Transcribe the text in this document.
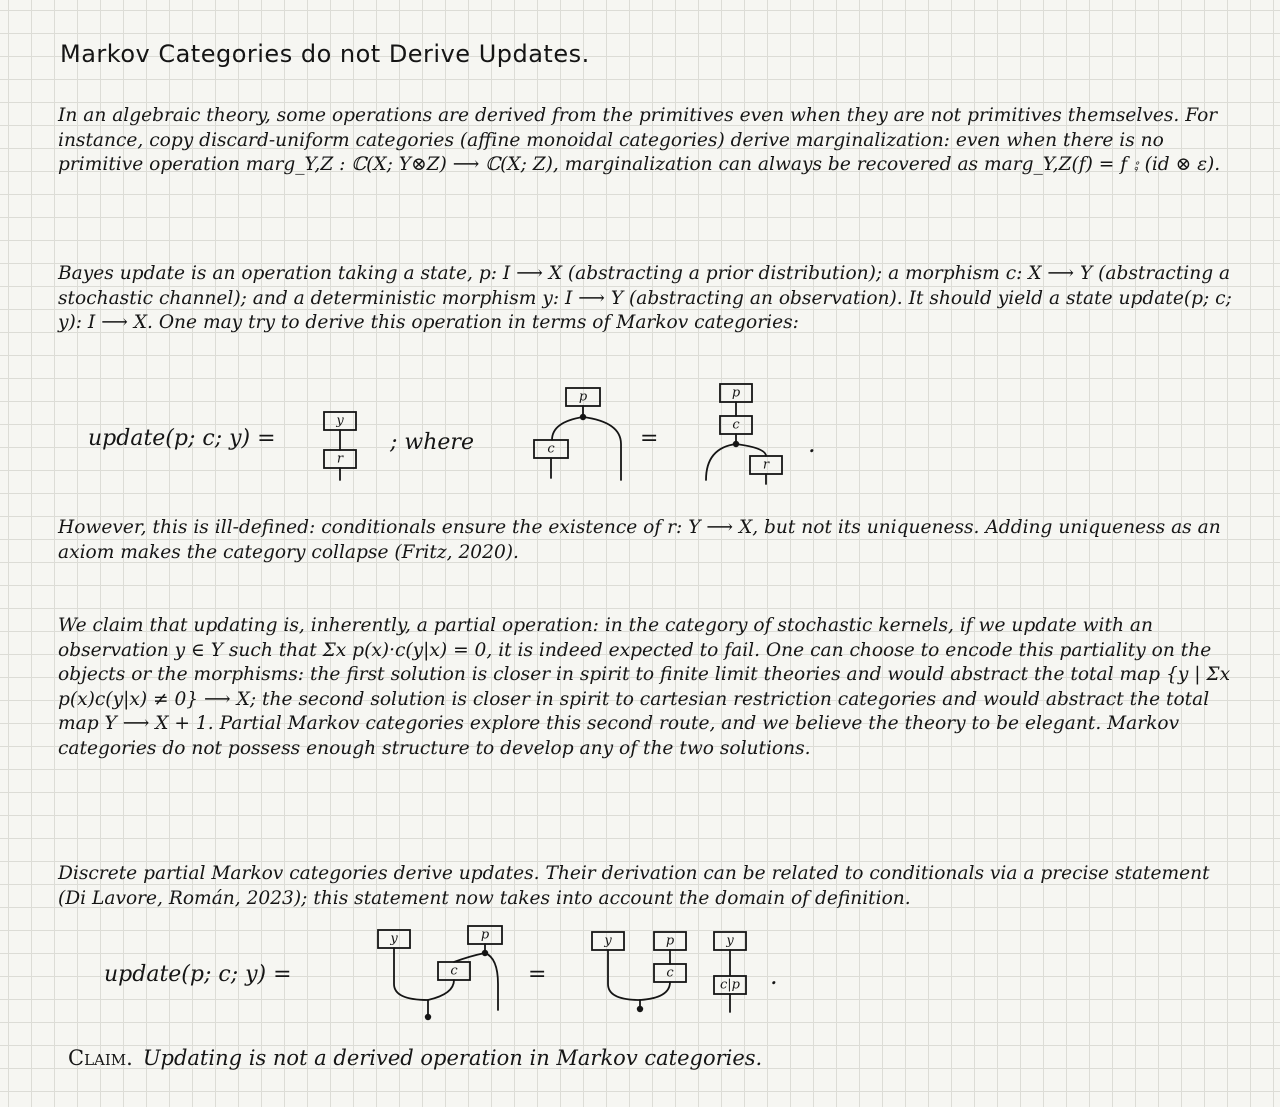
Markov Categories do not Derive Updates.

In an algebraic theory, some operations are derived from the primitives even when they are not primitives themselves. For instance, copy discard-uniform categories (affine monoidal categories) derive marginalization: even when there is no primitive operation marg_Y,Z : ℂ(X; Y⊗Z) ⟶ ℂ(X; Z), marginalization can always be recovered as marg_Y,Z(f) = f ⨟ (id ⊗ ε).

Bayes update is an operation taking a state, p: I ⟶ X (abstracting a prior distribution); a morphism c: X ⟶ Y (abstracting a stochastic channel); and a deterministic morphism y: I ⟶ Y (abstracting an observation). It should yield a state update(p; c; y): I ⟶ X. One may try to derive this operation in terms of Markov categories:

update(p; c; y) =
y
r
; where
p
c	=
p
c
r
.

However, this is ill-defined: conditionals ensure the existence of r: Y ⟶ X, but not its uniqueness. Adding uniqueness as an axiom makes the category collapse (Fritz, 2020).

We claim that updating is, inherently, a partial operation: in the category of stochastic kernels, if we update with an observation y ∈ Y such that Σx p(x)·c(y|x) = 0, it is indeed expected to fail. One can choose to encode this partiality on the objects or the morphisms: the first solution is closer in spirit to finite limit theories and would abstract the total map {y | Σx p(x)c(y|x) ≠ 0} ⟶ X; the second solution is closer in spirit to cartesian restriction categories and would abstract the total map Y ⟶ X + 1. Partial Markov categories explore this second route, and we believe the theory to be elegant. Markov categories do not possess enough structure to develop any of the two solutions.

Discrete partial Markov categories derive updates. Their derivation can be related to conditionals via a precise statement (Di Lavore, Román, 2023); this statement now takes into account the domain of definition.

update(p; c; y) =
y	p
c	=
y	p
c
y
c|p .
Claim. Updating is not a derived operation in Markov categories.
